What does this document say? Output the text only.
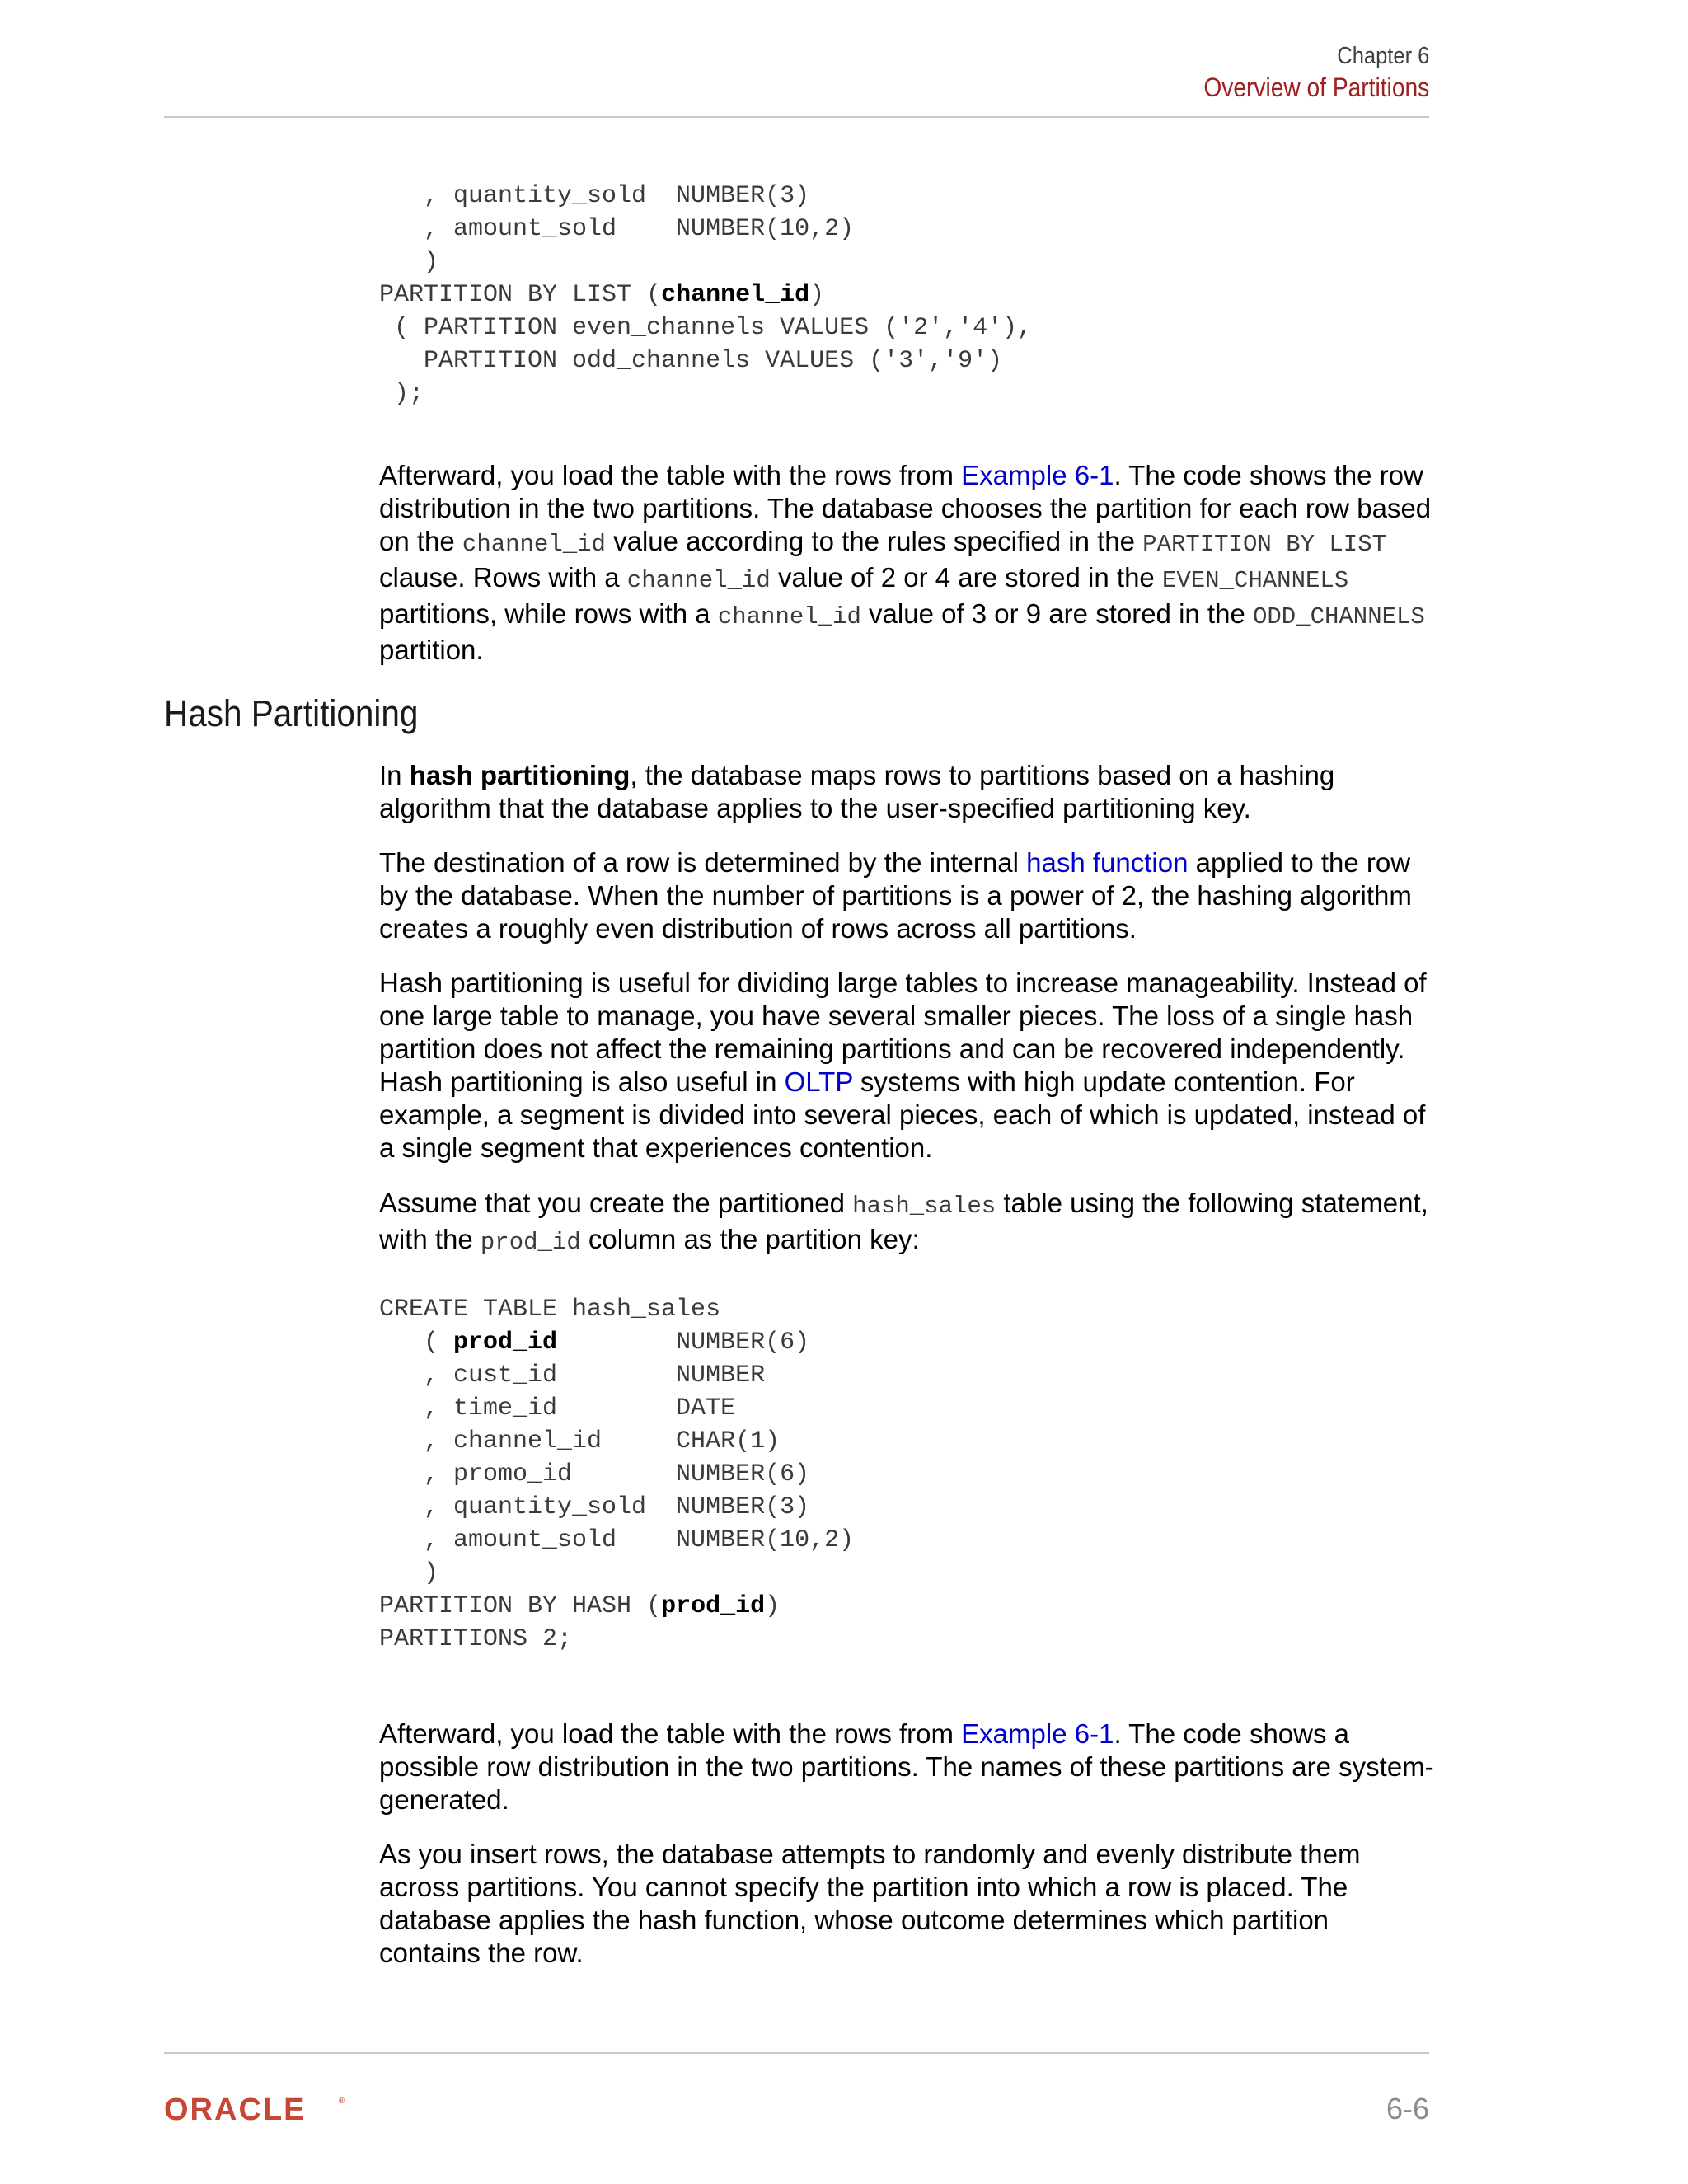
Chapter 6
Overview of Partitions
, quantity_sold  NUMBER(3)
, amount_sold    NUMBER(10,2)
)
PARTITION BY LIST (channel_id)
( PARTITION even_channels VALUES ('2','4'),
PARTITION odd_channels VALUES ('3','9')
);

Afterward, you load the table with the rows from Example 6-1. The code shows the row distribution in the two partitions. The database chooses the partition for each row based on the channel_id value according to the rules specified in the PARTITION BY LIST clause. Rows with a channel_id value of 2 or 4 are stored in the EVEN_CHANNELS partitions, while rows with a channel_id value of 3 or 9 are stored in the ODD_CHANNELS partition.

Hash Partitioning

In hash partitioning, the database maps rows to partitions based on a hashing algorithm that the database applies to the user-specified partitioning key.

The destination of a row is determined by the internal hash function applied to the row by the database. When the number of partitions is a power of 2, the hashing algorithm creates a roughly even distribution of rows across all partitions.

Hash partitioning is useful for dividing large tables to increase manageability. Instead of one large table to manage, you have several smaller pieces. The loss of a single hash partition does not affect the remaining partitions and can be recovered independently. Hash partitioning is also useful in OLTP systems with high update contention. For example, a segment is divided into several pieces, each of which is updated, instead of a single segment that experiences contention.

Assume that you create the partitioned hash_sales table using the following statement, with the prod_id column as the partition key:

CREATE TABLE hash_sales
( prod_id        NUMBER(6)
, cust_id        NUMBER
, time_id        DATE
, channel_id     CHAR(1)
, promo_id       NUMBER(6)
, quantity_sold  NUMBER(3)
, amount_sold    NUMBER(10,2)
)
PARTITION BY HASH (prod_id)
PARTITIONS 2;

Afterward, you load the table with the rows from Example 6-1. The code shows a possible row distribution in the two partitions. The names of these partitions are system-generated.

As you insert rows, the database attempts to randomly and evenly distribute them across partitions. You cannot specify the partition into which a row is placed. The database applies the hash function, whose outcome determines which partition contains the row.

ORACLE	®	6-6
